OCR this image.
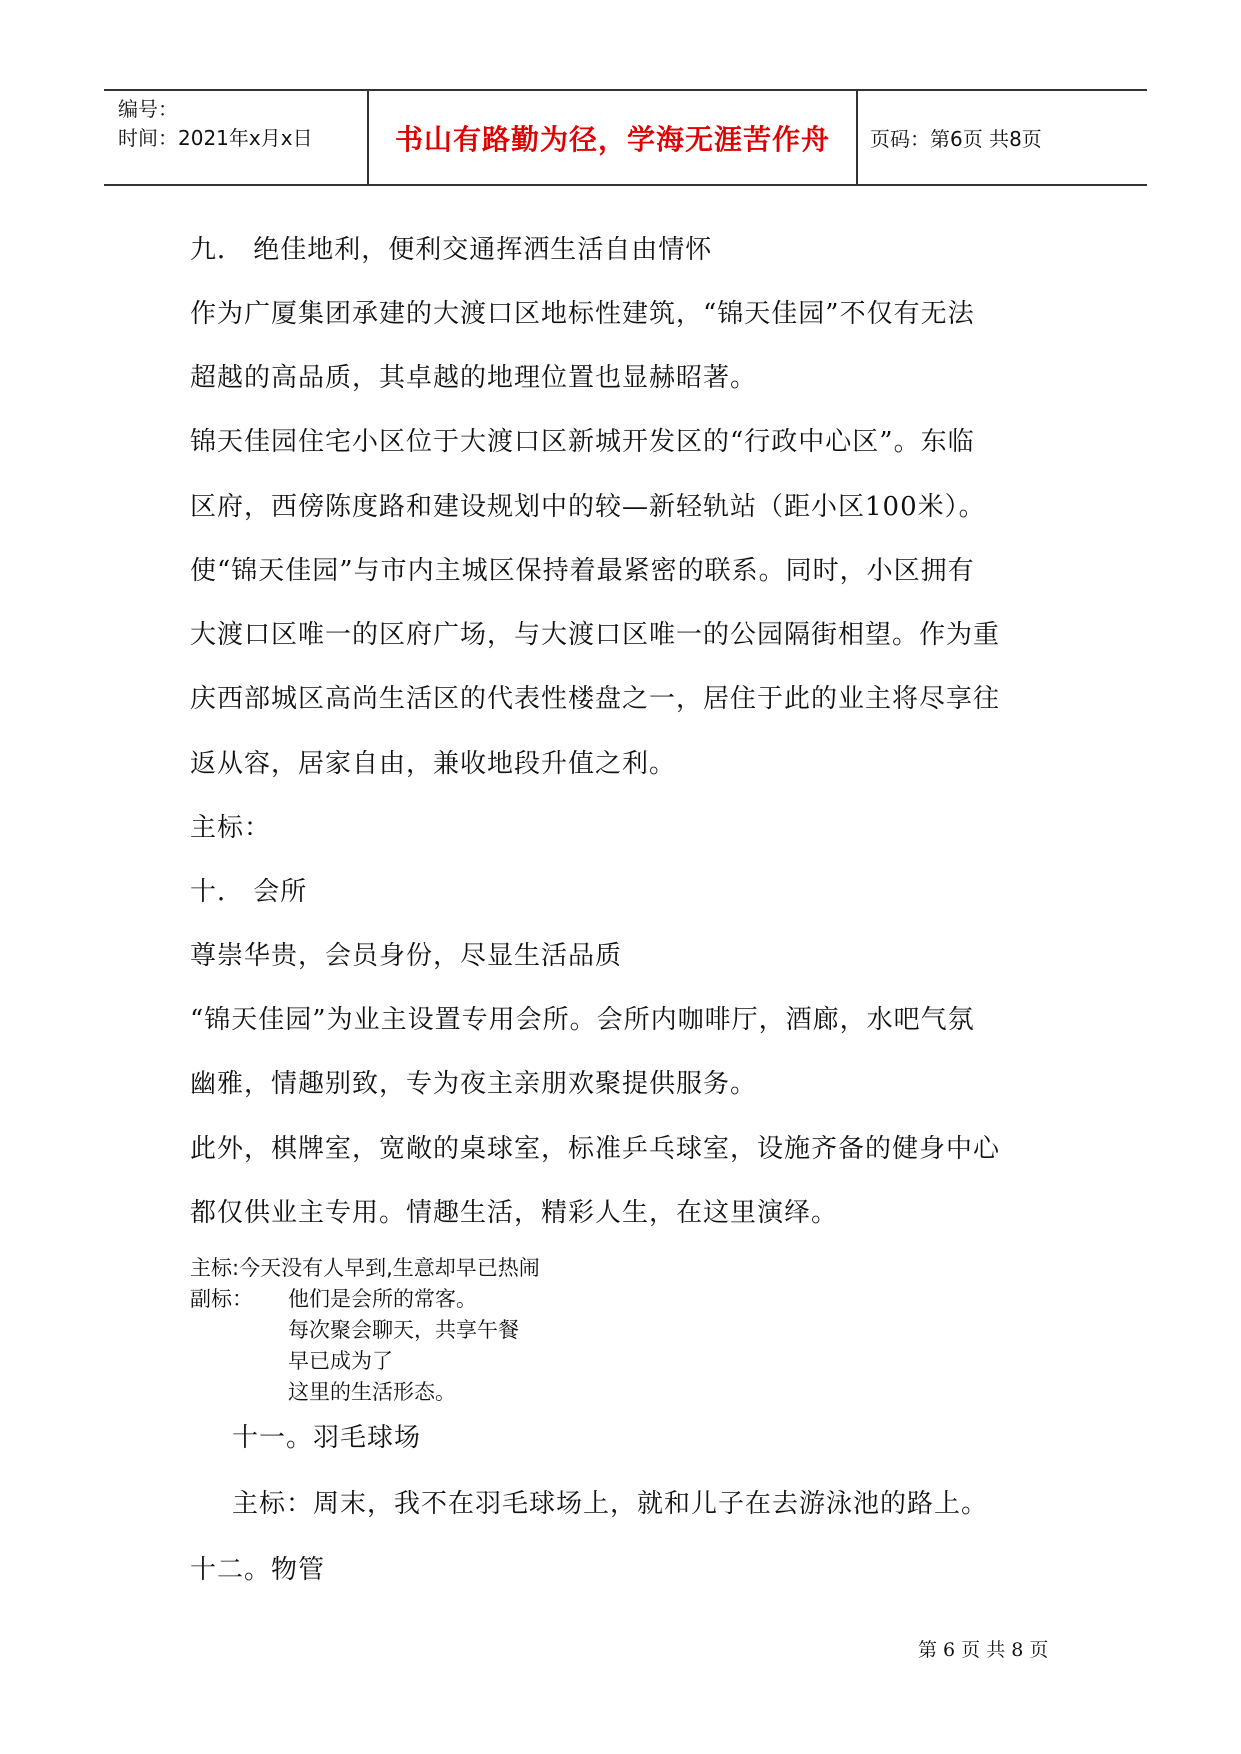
编号：
时间：2021年x月x日	书山有路勤为径，学海无涯苦作舟	页码：第6页 共8页
九． 绝佳地利，便利交通挥洒生活自由情怀
作为广厦集团承建的大渡口区地标性建筑，“锦天佳园”不仅有无法
超越的高品质，其卓越的地理位置也显赫昭著。
锦天佳园住宅小区位于大渡口区新城开发区的“行政中心区”。东临
区府，西傍陈度路和建设规划中的较—新轻轨站（距小区100米）。
使“锦天佳园”与市内主城区保持着最紧密的联系。同时，小区拥有
大渡口区唯一的区府广场，与大渡口区唯一的公园隔街相望。作为重
庆西部城区高尚生活区的代表性楼盘之一，居住于此的业主将尽享往
返从容，居家自由，兼收地段升值之利。
主标：
十． 会所
尊崇华贵，会员身份，尽显生活品质
“锦天佳园”为业主设置专用会所。会所内咖啡厅，酒廊，水吧气氛
幽雅，情趣别致，专为夜主亲朋欢聚提供服务。
此外，棋牌室，宽敞的桌球室，标准乒乓球室，设施齐备的健身中心
都仅供业主专用。情趣生活，精彩人生，在这里演绎。
主标:今天没有人早到,生意却早已热闹
副标： 他们是会所的常客。
每次聚会聊天，共享午餐
早已成为了
这里的生活形态。
十一。羽毛球场
主标：周末，我不在羽毛球场上，就和儿子在去游泳池的路上。
十二。物管
第 6 页 共 8 页
